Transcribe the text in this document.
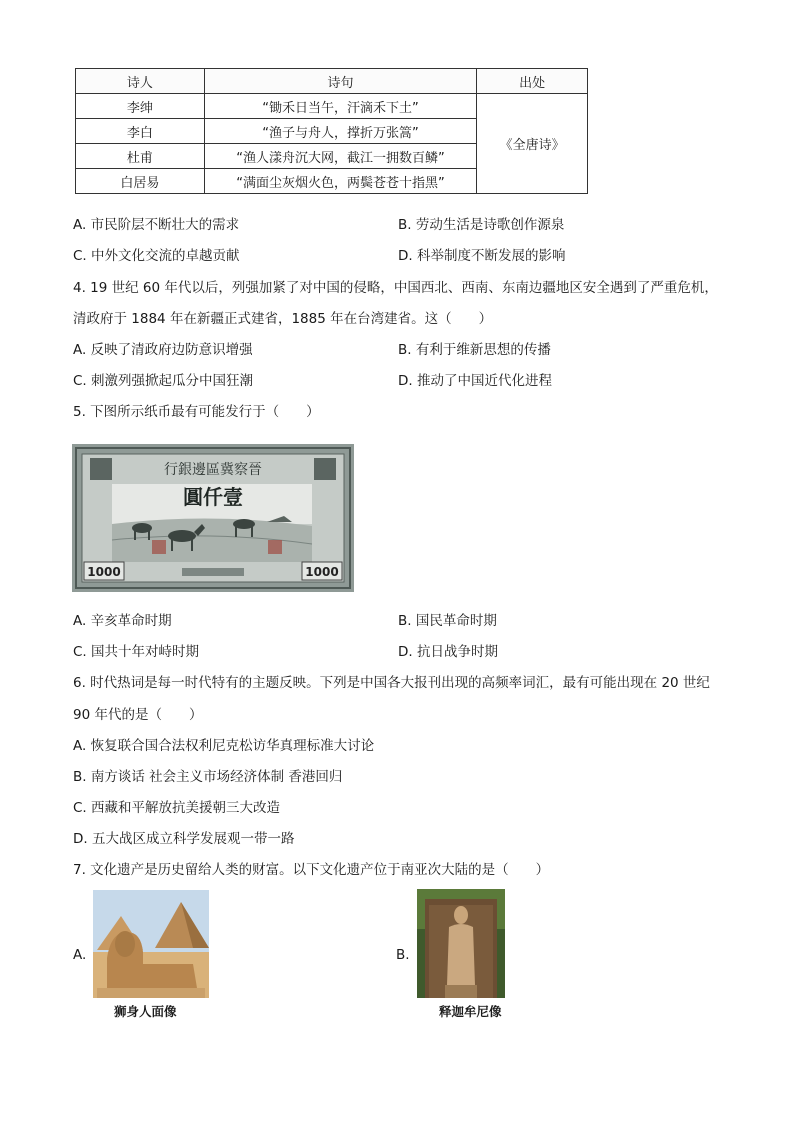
诗人	诗句	出处
李绅	“锄禾日当午，汗滴禾下土”	《全唐诗》
李白	“渔子与舟人，撑折万张篙”	
杜甫	“渔人漾舟沉大网，截江一拥数百鳞”	
白居易	“满面尘灰烟火色，两鬓苍苍十指黑”	
A. 市民阶层不断壮大的需求	B. 劳动生活是诗歌创作源泉
C. 中外文化交流的卓越贡献	D. 科举制度不断发展的影响
4. 19 世纪 60 年代以后，列强加紧了对中国的侵略，中国西北、西南、东南边疆地区安全遇到了严重危机，
清政府于 1884 年在新疆正式建省，1885 年在台湾建省。这（　　）
A. 反映了清政府边防意识增强	B. 有利于维新思想的传播
C. 刺激列强掀起瓜分中国狂潮	D. 推动了中国近代化进程
5. 下图所示纸币最有可能发行于（　　）
行銀邊區冀察晉
圓仟壹
1000	1000
A. 辛亥革命时期	B. 国民革命时期
C. 国共十年对峙时期	D. 抗日战争时期
6. 时代热词是每一时代特有的主题反映。下列是中国各大报刊出现的高频率词汇，最有可能出现在 20 世纪
90 年代的是（　　）
A. 恢复联合国合法权利尼克松访华真理标准大讨论
B. 南方谈话 社会主义市场经济体制 香港回归
C. 西藏和平解放抗美援朝三大改造
D. 五大战区成立科学发展观一带一路
7. 文化遗产是历史留给人类的财富。以下文化遗产位于南亚次大陆的是（　　）
A.
狮身人面像
B.
释迦牟尼像
